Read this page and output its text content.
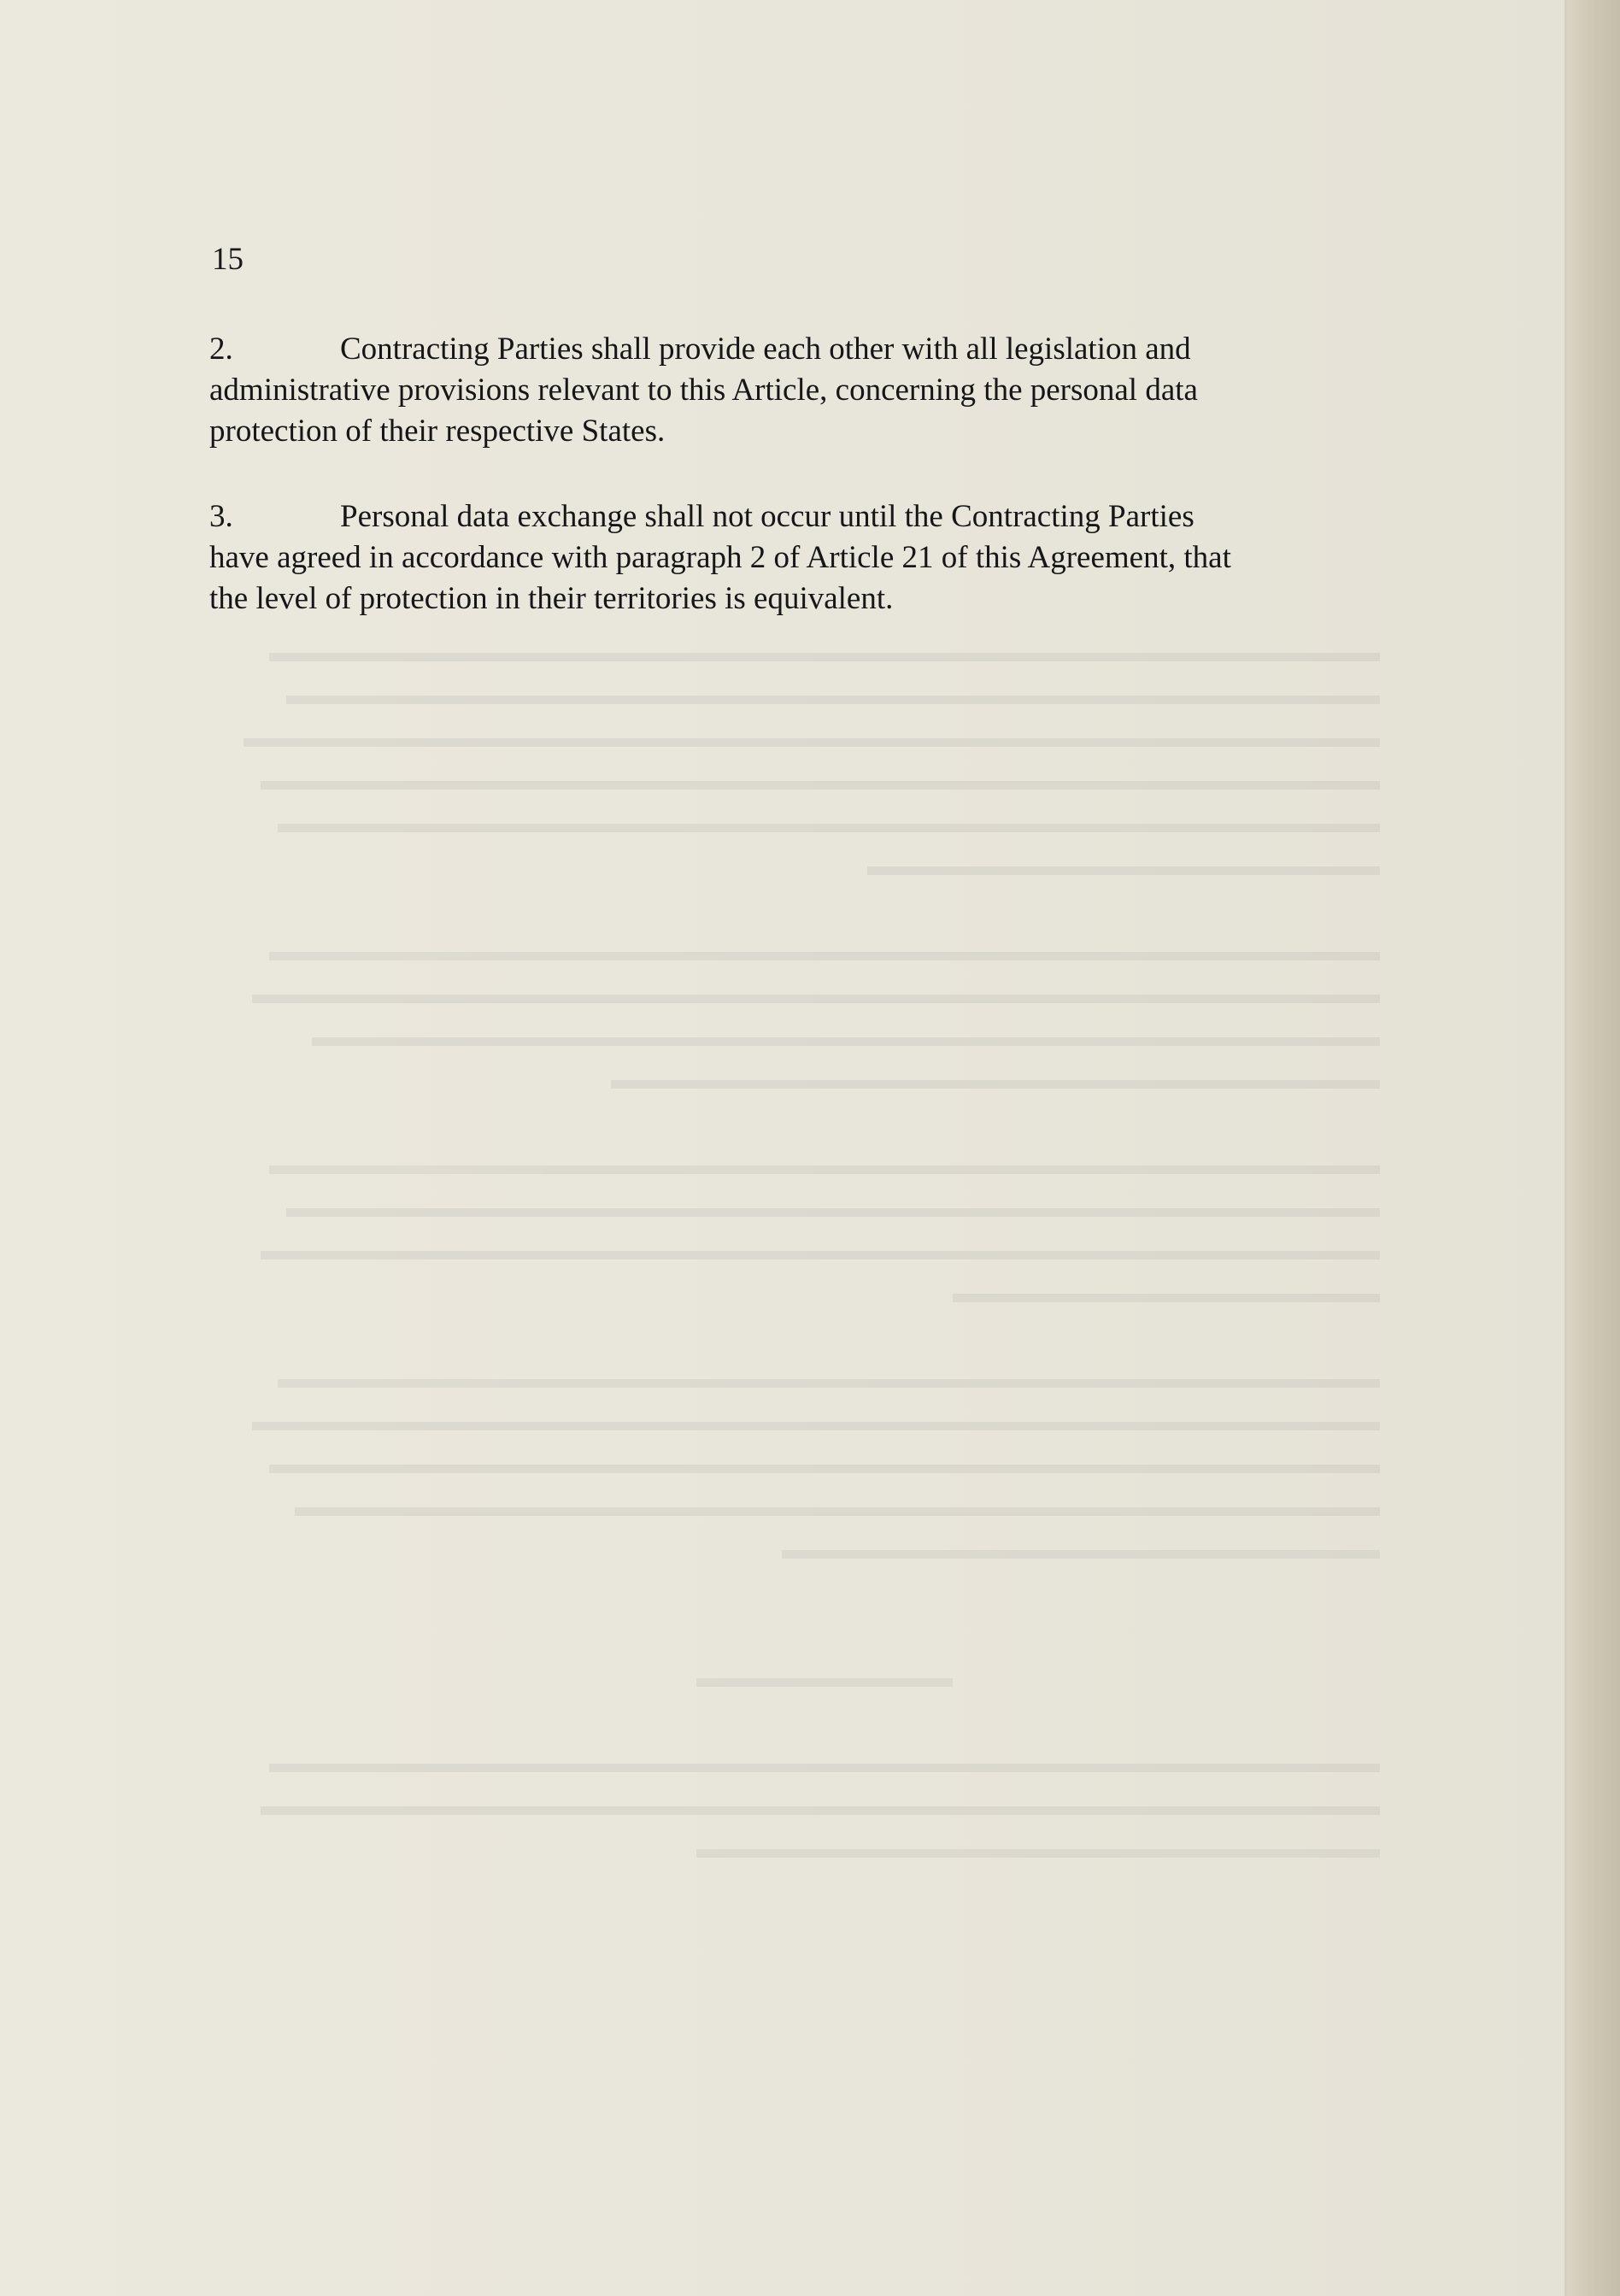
15

2.	Contracting Parties shall provide each other with all legislation and
administrative provisions relevant to this Article, concerning the personal data
protection of their respective States.

3.	Personal data exchange shall not occur until the Contracting Parties
have agreed in accordance with paragraph 2 of Article 21 of this Agreement, that
the level of protection in their territories is equivalent.
